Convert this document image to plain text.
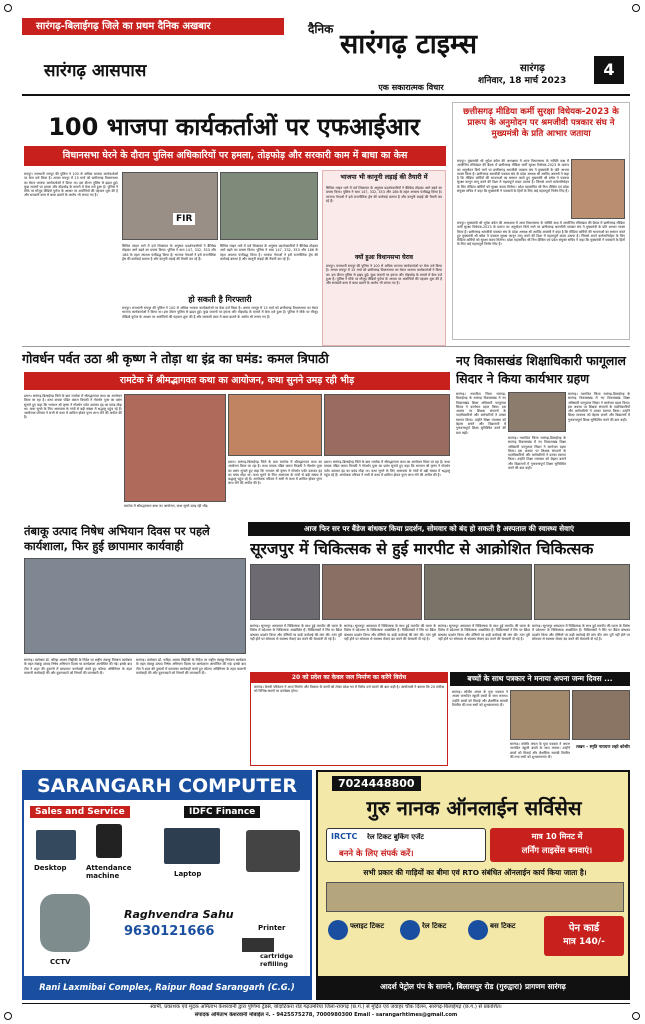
सारंगढ़-बिलाईगढ़ जिले का प्रथम दैनिक अखबार
सारंगढ़ आसपास
दैनिक सारंगढ़ टाइम्स
एक सकारात्मक विचार
सारंगढ़
शनिवार, 18 मार्च 2023
4
छत्तीसगढ़ मीडिया कर्मी सुरक्षा विधेयक-2023 के प्रारूप के अनुमोदन पर श्रमजीवी पत्रकार संघ ने मुख्यमंत्री के प्रति आभार जताया
रायपुर। मुख्यमंत्री श्री भूपेश बघेल की अध्यक्षता में आज विधानसभा के समिति कक्ष में आयोजित मंत्रिमंडल की बैठक में छत्तीसगढ़ मीडिया कर्मी सुरक्षा विधेयक-2023 के प्रारूप का अनुमोदन किये जाने पर छत्तीसगढ़ श्रमजीवी पत्रकार संघ ने मुख्यमंत्री के प्रति आभार व्यक्त किया है। छत्तीसगढ़ श्रमजीवी पत्रकार संघ के प्रदेश अध्यक्ष श्री अरविंद अवस्थी ने कहा है कि मीडिया कर्मियों की भावनाओं का सम्मान करते हुए मुख्यमंत्री श्री बघेल ने पत्रकार सुरक्षा कानून लागू करने की दिशा में महत्वपूर्ण कदम उठाया है। जिससे अपने कर्तव्यनिर्वहन के लिए मीडिया कर्मियों को सुरक्षा कवच मिलेगा। प्रदेश महासचिव श्री निथ दीक्षित एवं प्रदेश संयुक्त सचिव ने कहा कि मुख्यमंत्री ने पत्रकारों के हितों के लिए कई महत्वपूर्ण निर्णय लिए हैं।
रायपुर। मुख्यमंत्री श्री भूपेश बघेल की अध्यक्षता में आज विधानसभा के समिति कक्ष में आयोजित मंत्रिमंडल की बैठक में छत्तीसगढ़ मीडिया कर्मी सुरक्षा विधेयक-2023 के प्रारूप का अनुमोदन किये जाने पर छत्तीसगढ़ श्रमजीवी पत्रकार संघ ने मुख्यमंत्री के प्रति आभार व्यक्त किया है। छत्तीसगढ़ श्रमजीवी पत्रकार संघ के प्रदेश अध्यक्ष श्री अरविंद अवस्थी ने कहा है कि मीडिया कर्मियों की भावनाओं का सम्मान करते हुए मुख्यमंत्री श्री बघेल ने पत्रकार सुरक्षा कानून लागू करने की दिशा में महत्वपूर्ण कदम उठाया है। जिससे अपने कर्तव्यनिर्वहन के लिए मीडिया कर्मियों को सुरक्षा कवच मिलेगा। प्रदेश महासचिव श्री निथ दीक्षित एवं प्रदेश संयुक्त सचिव ने कहा कि मुख्यमंत्री ने पत्रकारों के हितों के लिए कई महत्वपूर्ण निर्णय लिए हैं।
100 भाजपा कार्यकर्ताओं पर एफआईआर
विधानसभा घेरने के दौरान पुलिस अधिकारियों पर हमला, तोड़फोड़ और सरकारी काम में बाधा का केस
रायपुर। राजधानी रायपुर की पुलिस ने 100 से अधिक भाजपा कार्यकर्ताओं पर केस दर्ज किया है। अनाम रायपुर में 15 मार्च को छत्तीसगढ़ विधानसभा का घेराव भाजपा कार्यकर्ताओं ने किया था। इस दौरान पुलिस से झड़प हुई। कुछ जवानों पर हमला और तोड़फोड़ के मामले में केस दर्ज हुआ है। पुलिस ने मौके पर मौजूद वीडियो फुटेज के आधार पर आरोपियों की पहचान शुरू की है और सरकारी काम में बाधा डालने के आरोप भी लगाए गए हैं।
FIR
सिविल लाइन थाने में दर्ज शिकायत के अनुसार प्रदर्शनकारियों ने बैरिकेड तोड़कर आगे बढ़ने का प्रयास किया। पुलिस ने धारा 147, 332, 353 और 186 के तहत अपराध पंजीबद्ध किया है। भाजपा नेताओं ने इसे राजनीतिक द्वेष की कार्रवाई बताया है और कानूनी लड़ाई की तैयारी कर रहे हैं।
सिविल लाइन थाने में दर्ज शिकायत के अनुसार प्रदर्शनकारियों ने बैरिकेड तोड़कर आगे बढ़ने का प्रयास किया। पुलिस ने धारा 147, 332, 353 और 186 के तहत अपराध पंजीबद्ध किया है। भाजपा नेताओं ने इसे राजनीतिक द्वेष की कार्रवाई बताया है और कानूनी लड़ाई की तैयारी कर रहे हैं।
हो सकती है गिरफ्तारी
रायपुर। राजधानी रायपुर की पुलिस ने 100 से अधिक भाजपा कार्यकर्ताओं पर केस दर्ज किया है। अनाम रायपुर में 15 मार्च को छत्तीसगढ़ विधानसभा का घेराव भाजपा कार्यकर्ताओं ने किया था। इस दौरान पुलिस से झड़प हुई। कुछ जवानों पर हमला और तोड़फोड़ के मामले में केस दर्ज हुआ है। पुलिस ने मौके पर मौजूद वीडियो फुटेज के आधार पर आरोपियों की पहचान शुरू की है और सरकारी काम में बाधा डालने के आरोप भी लगाए गए हैं।
भाजपा भी कानूनी लड़ाई की तैयारी में
सिविल लाइन थाने में दर्ज शिकायत के अनुसार प्रदर्शनकारियों ने बैरिकेड तोड़कर आगे बढ़ने का प्रयास किया। पुलिस ने धारा 147, 332, 353 और 186 के तहत अपराध पंजीबद्ध किया है। भाजपा नेताओं ने इसे राजनीतिक द्वेष की कार्रवाई बताया है और कानूनी लड़ाई की तैयारी कर रहे हैं।
क्यों हुआ विधानसभा घेराव
रायपुर। राजधानी रायपुर की पुलिस ने 100 से अधिक भाजपा कार्यकर्ताओं पर केस दर्ज किया है। अनाम रायपुर में 15 मार्च को छत्तीसगढ़ विधानसभा का घेराव भाजपा कार्यकर्ताओं ने किया था। इस दौरान पुलिस से झड़प हुई। कुछ जवानों पर हमला और तोड़फोड़ के मामले में केस दर्ज हुआ है। पुलिस ने मौके पर मौजूद वीडियो फुटेज के आधार पर आरोपियों की पहचान शुरू की है और सरकारी काम में बाधा डालने के आरोप भी लगाए गए हैं।
गोवर्धन पर्वत उठा श्री कृष्ण ने तोड़ा था इंद्र का घमंड: कमल त्रिपाठी
रामटेक में श्रीमद्भागवत कथा का आयोजन, कथा सुनने उमड़ रही भीड़
डभरा। सारंगढ़-बिलाईगढ़ जिले के ग्राम रामटेक में श्रीमद्भागवत कथा का आयोजन किया जा रहा है। कथा वाचक पंडित कमल त्रिपाठी ने गोवर्धन पूजा का प्रसंग सुनाते हुए कहा कि भगवान श्री कृष्ण ने गोवर्धन पर्वत उठाकर इंद्र का घमंड तोड़ा था। कथा सुनने के लिए आसपास के गांवों से बड़ी संख्या में श्रद्धालु पहुंच रहे हैं। आयोजक परिवार ने सभी से कथा में शामिल होकर पुण्य लाभ लेने की अपील की है।
डभरा। सारंगढ़-बिलाईगढ़ जिले के ग्राम रामटेक में श्रीमद्भागवत कथा का आयोजन किया जा रहा है। कथा वाचक पंडित कमल त्रिपाठी ने गोवर्धन पूजा का प्रसंग सुनाते हुए कहा कि भगवान श्री कृष्ण ने गोवर्धन पर्वत उठाकर इंद्र का घमंड तोड़ा था। कथा सुनने के लिए आसपास के गांवों से बड़ी संख्या में श्रद्धालु पहुंच रहे हैं। आयोजक परिवार ने सभी से कथा में शामिल होकर पुण्य लाभ लेने की अपील की है।
डभरा। सारंगढ़-बिलाईगढ़ जिले के ग्राम रामटेक में श्रीमद्भागवत कथा का आयोजन किया जा रहा है। कथा वाचक पंडित कमल त्रिपाठी ने गोवर्धन पूजा का प्रसंग सुनाते हुए कहा कि भगवान श्री कृष्ण ने गोवर्धन पर्वत उठाकर इंद्र का घमंड तोड़ा था। कथा सुनने के लिए आसपास के गांवों से बड़ी संख्या में श्रद्धालु पहुंच रहे हैं। आयोजक परिवार ने सभी से कथा में शामिल होकर पुण्य लाभ लेने की अपील की है।
रामटेक में श्रीमद्भागवत कथा का आयोजन, कथा सुनने उमड़ रही भीड़
नए विकासखंड शिक्षाधिकारी फागूलाल सिदार ने किया कार्यभार ग्रहण
सारंगढ़। नवगठित जिला सारंगढ़-बिलाईगढ़ के सारंगढ़ विकासखंड में नए विकासखंड शिक्षा अधिकारी फागूलाल सिदार ने कार्यभार ग्रहण किया। इस अवसर पर शिक्षक संगठनों के पदाधिकारियों और कर्मचारियों ने उनका स्वागत किया। उन्होंने शिक्षा व्यवस्था को बेहतर बनाने और विद्यालयों में गुणवत्तापूर्ण शिक्षा सुनिश्चित करने की बात कही।
सारंगढ़। नवगठित जिला सारंगढ़-बिलाईगढ़ के सारंगढ़ विकासखंड में नए विकासखंड शिक्षा अधिकारी फागूलाल सिदार ने कार्यभार ग्रहण किया। इस अवसर पर शिक्षक संगठनों के पदाधिकारियों और कर्मचारियों ने उनका स्वागत किया। उन्होंने शिक्षा व्यवस्था को बेहतर बनाने और विद्यालयों में गुणवत्तापूर्ण शिक्षा सुनिश्चित करने की बात कही।
सारंगढ़। नवगठित जिला सारंगढ़-बिलाईगढ़ के सारंगढ़ विकासखंड में नए विकासखंड शिक्षा अधिकारी फागूलाल सिदार ने कार्यभार ग्रहण किया। इस अवसर पर शिक्षक संगठनों के पदाधिकारियों और कर्मचारियों ने उनका स्वागत किया। उन्होंने शिक्षा व्यवस्था को बेहतर बनाने और विद्यालयों में गुणवत्तापूर्ण शिक्षा सुनिश्चित करने की बात कही।
आज फिर सर पर बैंडेज बांधकर किया प्रदर्शन, सोमवार को बंद हो सकती है अस्पताल की स्वास्थ्य सेवाएं
तंबाकू उत्पाद निषेध अभियान दिवस पर पहले कार्यशाला, फिर हुई छापामार कार्यवाही
सारंगढ़। कलेक्टर डॉ. फरिहा आलम सिद्दीकी के निर्देश पर राष्ट्रीय तंबाकू नियंत्रण कार्यक्रम के तहत तंबाकू उत्पाद निषेध अभियान दिवस पर कार्यशाला आयोजित की गई। इसके बाद टीम ने शहर की दुकानों में छापामार कार्यवाही करते हुए कोटपा अधिनियम के तहत चालानी कार्यवाही की और दुकानदारों को नियमों की जानकारी दी।
सारंगढ़। कलेक्टर डॉ. फरिहा आलम सिद्दीकी के निर्देश पर राष्ट्रीय तंबाकू नियंत्रण कार्यक्रम के तहत तंबाकू उत्पाद निषेध अभियान दिवस पर कार्यशाला आयोजित की गई। इसके बाद टीम ने शहर की दुकानों में छापामार कार्यवाही करते हुए कोटपा अधिनियम के तहत चालानी कार्यवाही की और दुकानदारों को नियमों की जानकारी दी।
सूरजपुर में चिकित्सक से हुई मारपीट से आक्रोशित चिकित्सक
सारंगढ़। सूरजपुर अस्पताल में चिकित्सक के साथ हुई मारपीट की घटना के विरोध में प्रदेशभर के चिकित्सक आक्रोशित हैं। चिकित्सकों ने सिर पर बैंडेज बांधकर प्रदर्शन किया और दोषियों पर कड़ी कार्रवाई की मांग की। मांग पूरी नहीं होने पर सोमवार से स्वास्थ्य सेवाएं बंद करने की चेतावनी दी गई है।
सारंगढ़। सूरजपुर अस्पताल में चिकित्सक के साथ हुई मारपीट की घटना के विरोध में प्रदेशभर के चिकित्सक आक्रोशित हैं। चिकित्सकों ने सिर पर बैंडेज बांधकर प्रदर्शन किया और दोषियों पर कड़ी कार्रवाई की मांग की। मांग पूरी नहीं होने पर सोमवार से स्वास्थ्य सेवाएं बंद करने की चेतावनी दी गई है।
सारंगढ़। सूरजपुर अस्पताल में चिकित्सक के साथ हुई मारपीट की घटना के विरोध में प्रदेशभर के चिकित्सक आक्रोशित हैं। चिकित्सकों ने सिर पर बैंडेज बांधकर प्रदर्शन किया और दोषियों पर कड़ी कार्रवाई की मांग की। मांग पूरी नहीं होने पर सोमवार से स्वास्थ्य सेवाएं बंद करने की चेतावनी दी गई है।
सारंगढ़। सूरजपुर अस्पताल में चिकित्सक के साथ हुई मारपीट की घटना के विरोध में प्रदेशभर के चिकित्सक आक्रोशित हैं। चिकित्सकों ने सिर पर बैंडेज बांधकर प्रदर्शन किया और दोषियों पर कड़ी कार्रवाई की मांग की। मांग पूरी नहीं होने पर सोमवार से स्वास्थ्य सेवाएं बंद करने की चेतावनी दी गई है।
20 को प्रदेश का केवल जल निर्माण का करेंगे विरोध
सारंगढ़। केसरी परिवेशन ने आज निर्माण और विकास के कार्यों को लेकर प्रदेश भर में विरोध दर्ज कराने की बात कही है। आयोजकों ने बताया कि 20 तारीख को विभिन्न स्थानों पर कार्यक्रम होगा।
बच्चों के साथ पत्रकार ने मनाया अपना जन्म दिवस ...
सारंगढ़। कोसीर अंचल के युवा पत्रकार ने अपना जन्मदिन स्कूली बच्चों के साथ मनाया। उन्होंने बच्चों को मिठाई और शैक्षणिक सामग्री वितरित की तथा सभी को शुभकामनाएं दीं।
सारंगढ़। कोसीर अंचल के युवा पत्रकार ने अपना जन्मदिन स्कूली बच्चों के साथ मनाया। उन्होंने बच्चों को मिठाई और शैक्षणिक सामग्री वितरित की तथा सभी को शुभकामनाएं दीं।
लखन – स्मृति नारायण लहरे कोसीर
SARANGARH COMPUTER
Sales and Service	IDFC Finance
Desktop	Attendance machine	Laptop
Raghvendra Sahu
9630121666	Printer
CCTV
cartridge refilling
Rani Laxmibai Complex, Raipur Road Sarangarh (C.G.)
7024448800
गुरु नानक ऑनलाईन सर्विसेस
IRCTC रेल टिकट बुकिंग एजेंट
बनने के लिए संपर्क करें।
मात्र 10 मिनट में
लर्निंग लाइसेंस बनवाएं।
सभी प्रकार की गाड़ियों का बीमा एवं RTO संबंधित ऑनलाईन कार्य किया जाता है।
फ्लाइट टिकट	रेल टिकट	बस टिकट	पेन कार्ड
मात्र 140/-
आदर्श पेट्रोल पंप के सामने, बिलासपुर रोड (गुरुद्वारा) प्रागणम सारंगढ़
स्वामी, प्रकाशक एवं मुद्रक अमिताभ केशरवानी द्वारा पुणिमा ट्रेडर्स, बोंदाटिकरा रोड गढ़उमरिया जिला-रायगढ़ (छ.ग.) से मुद्रित एवं जवाहर चौक दिलन, सारंगढ़-बिलाईगढ़ (छ.ग.) से प्रकाशित।
संपादक अमिताभ केशरवानी मोबाईल नं. - 9425575278, 7000980300 Email - sarangarhtimes@gmail.com
